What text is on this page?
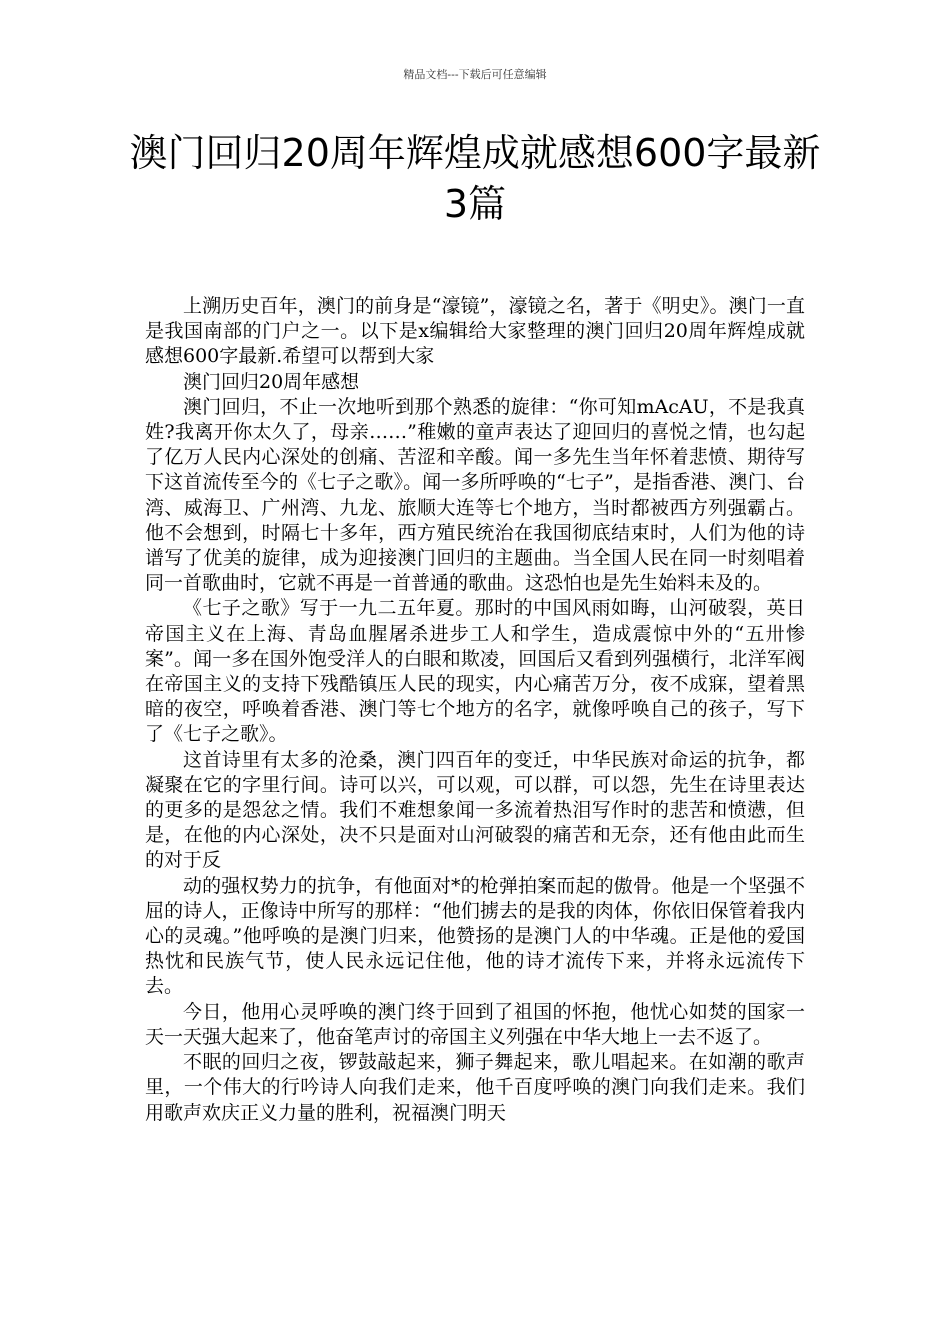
精品文档---下载后可任意编辑
澳门回归20周年辉煌成就感想600字最新3篇

上溯历史百年，澳门的前身是“濠镜”，濠镜之名，著于《明史》。澳门一直是我国南部的门户之一。以下是x编辑给大家整理的澳门回归20周年辉煌成就感想600字最新.希望可以帮到大家

澳门回归20周年感想

澳门回归，不止一次地听到那个熟悉的旋律：“你可知mAcAU，不是我真姓?我离开你太久了，母亲……”稚嫩的童声表达了迎回归的喜悦之情，也勾起了亿万人民内心深处的创痛、苦涩和辛酸。闻一多先生当年怀着悲愤、期待写下这首流传至今的《七子之歌》。闻一多所呼唤的“七子”，是指香港、澳门、台湾、威海卫、广州湾、九龙、旅顺大连等七个地方，当时都被西方列强霸占。他不会想到，时隔七十多年，西方殖民统治在我国彻底结束时，人们为他的诗谱写了优美的旋律，成为迎接澳门回归的主题曲。当全国人民在同一时刻唱着同一首歌曲时，它就不再是一首普通的歌曲。这恐怕也是先生始料未及的。

《七子之歌》写于一九二五年夏。那时的中国风雨如晦，山河破裂，英日帝国主义在上海、青岛血腥屠杀进步工人和学生，造成震惊中外的“五卅惨案”。闻一多在国外饱受洋人的白眼和欺凌，回国后又看到列强横行，北洋军阀在帝国主义的支持下残酷镇压人民的现实，内心痛苦万分，夜不成寐，望着黑暗的夜空，呼唤着香港、澳门等七个地方的名字，就像呼唤自己的孩子，写下了《七子之歌》。

这首诗里有太多的沧桑，澳门四百年的变迁，中华民族对命运的抗争，都凝聚在它的字里行间。诗可以兴，可以观，可以群，可以怨，先生在诗里表达的更多的是怨忿之情。我们不难想象闻一多流着热泪写作时的悲苦和愤懑，但是，在他的内心深处，决不只是面对山河破裂的痛苦和无奈，还有他由此而生的对于反

动的强权势力的抗争，有他面对*的枪弹拍案而起的傲骨。他是一个坚强不屈的诗人，正像诗中所写的那样：“他们掳去的是我的肉体，你依旧保管着我内心的灵魂。”他呼唤的是澳门归来，他赞扬的是澳门人的中华魂。正是他的爱国热忱和民族气节，使人民永远记住他，他的诗才流传下来，并将永远流传下去。

今日，他用心灵呼唤的澳门终于回到了祖国的怀抱，他忧心如焚的国家一天一天强大起来了，他奋笔声讨的帝国主义列强在中华大地上一去不返了。

不眠的回归之夜，锣鼓敲起来，狮子舞起来，歌儿唱起来。在如潮的歌声里，一个伟大的行吟诗人向我们走来，他千百度呼唤的澳门向我们走来。我们用歌声欢庆正义力量的胜利，祝福澳门明天
